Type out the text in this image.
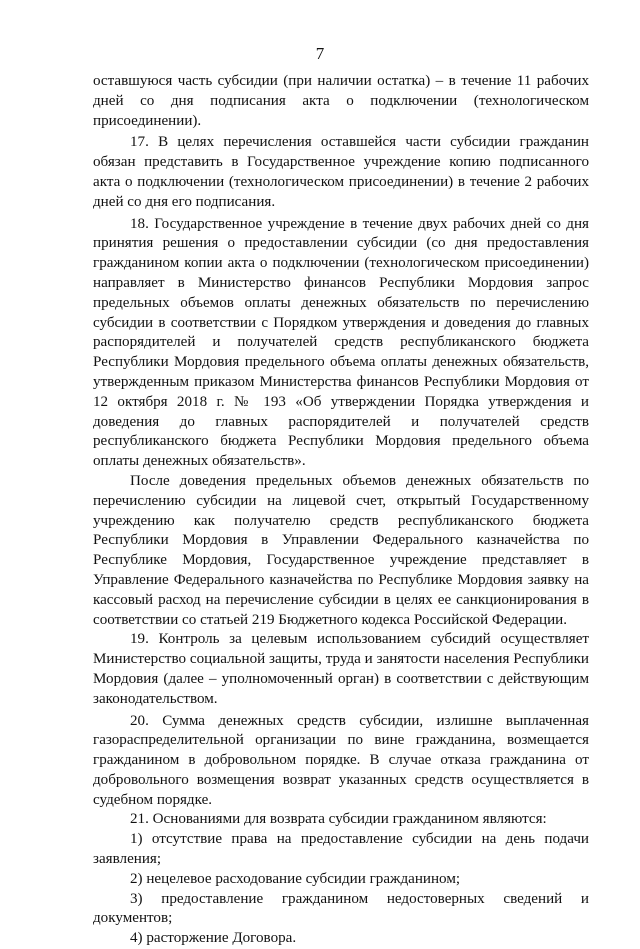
7

оставшуюся часть субсидии (при наличии остатка) – в течение 11 рабочих дней со дня подписания акта о подключении (технологическом присоединении).

17. В целях перечисления оставшейся части субсидии гражданин обязан представить в Государственное учреждение копию подписанного акта о подключении (технологическом присоединении) в течение 2 рабочих дней со дня его подписания.

18. Государственное учреждение в течение двух рабочих дней со дня принятия решения о предоставлении субсидии (со дня предоставления гражданином копии акта о подключении (технологическом присоединении) направляет в Министерство финансов Республики Мордовия запрос предельных объемов оплаты денежных обязательств по перечислению субсидии в соответствии с Порядком утверждения и доведения до главных распорядителей и получателей средств республиканского бюджета Республики Мордовия предельного объема оплаты денежных обязательств, утвержденным приказом Министерства финансов Республики Мордовия от 12 октября 2018 г. № 193 «Об утверждении Порядка утверждения и доведения до главных распорядителей и получателей средств республиканского бюджета Республики Мордовия предельного объема оплаты денежных обязательств».

После доведения предельных объемов денежных обязательств по перечислению субсидии на лицевой счет, открытый Государственному учреждению как получателю средств республиканского бюджета Республики Мордовия в Управлении Федерального казначейства по Республике Мордовия, Государственное учреждение представляет в Управление Федерального казначейства по Республике Мордовия заявку на кассовый расход на перечисление субсидии в целях ее санкционирования в соответствии со статьей 219 Бюджетного кодекса Российской Федерации.

19. Контроль за целевым использованием субсидий осуществляет Министерство социальной защиты, труда и занятости населения Республики Мордовия (далее – уполномоченный орган) в соответствии с действующим законодательством.

20. Сумма денежных средств субсидии, излишне выплаченная газораспределительной организации по вине гражданина, возмещается гражданином в добровольном порядке. В случае отказа гражданина от добровольного возмещения возврат указанных средств осуществляется в судебном порядке.

21. Основаниями для возврата субсидии гражданином являются:

1) отсутствие права на предоставление субсидии на день подачи заявления;

2) нецелевое расходование субсидии гражданином;

3) предоставление гражданином недостоверных сведений и документов;

4) расторжение Договора.
